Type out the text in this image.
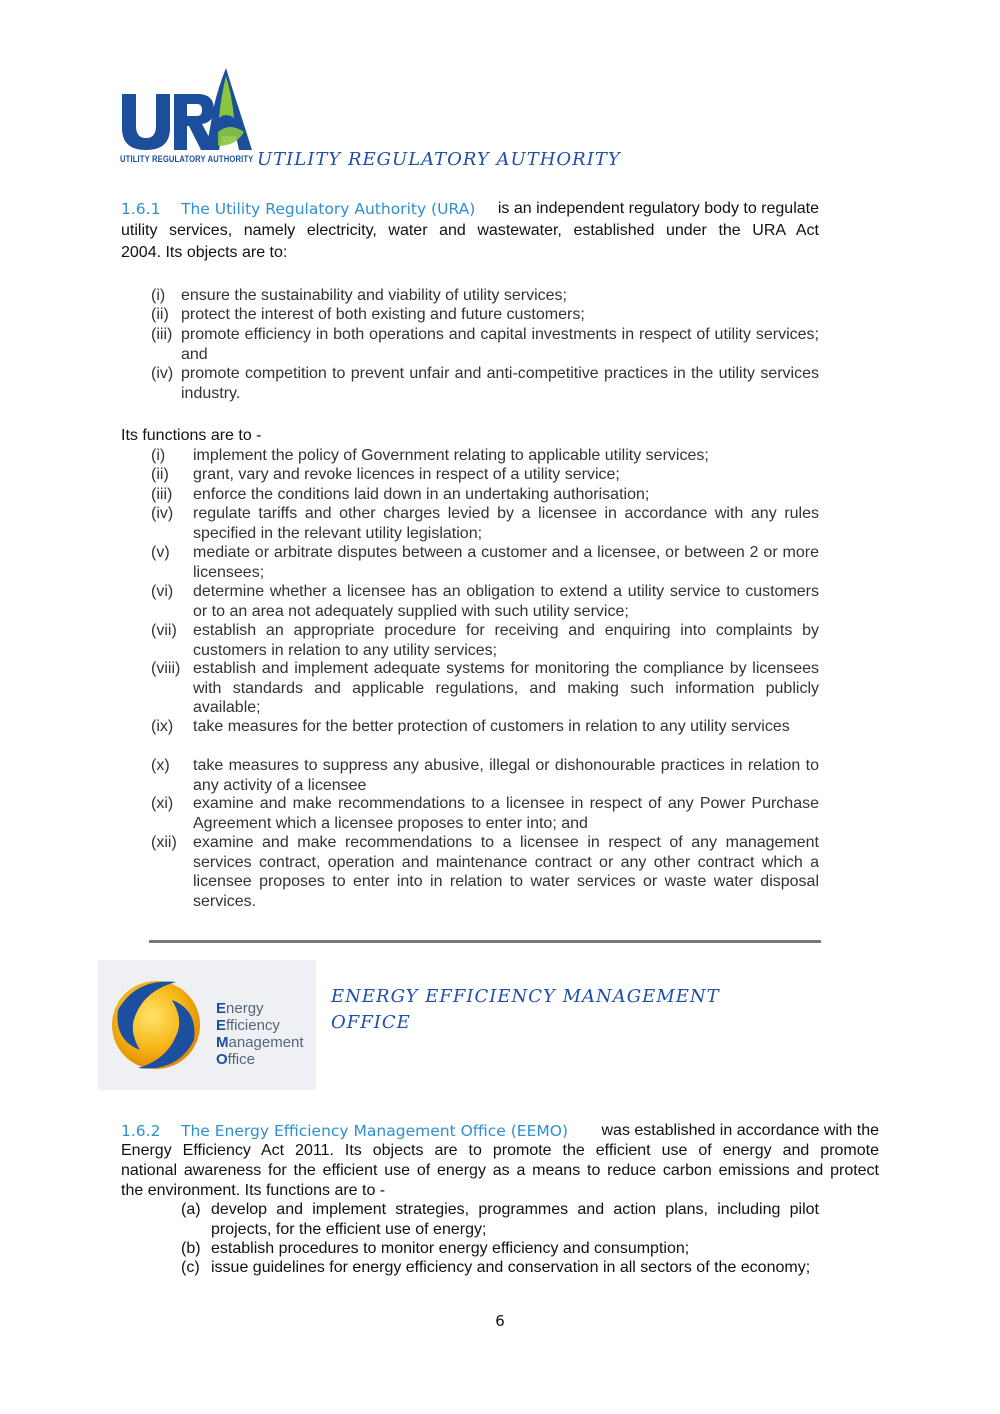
UTILITY REGULATORY AUTHORITY UTILITY REGULATORY AUTHORITY
1.6.1 The Utility Regulatory Authority (URA) is an independent regulatory body to regulate
utility services, namely electricity, water and wastewater, established under the URA Act
2004. Its objects are to:
(i) ensure the sustainability and viability of utility services;
(ii) protect the interest of both existing and future customers;
(iii) promote efficiency in both operations and capital investments in respect of utility services; and
(iv) promote competition to prevent unfair and anti-competitive practices in the utility services industry.
Its functions are to -
(i) implement the policy of Government relating to applicable utility services;
(ii) grant, vary and revoke licences in respect of a utility service;
(iii) enforce the conditions laid down in an undertaking authorisation;
(iv) regulate tariffs and other charges levied by a licensee in accordance with any rules specified in the relevant utility legislation;
(v) mediate or arbitrate disputes between a customer and a licensee, or between 2 or more licensees;
(vi) determine whether a licensee has an obligation to extend a utility service to customers or to an area not adequately supplied with such utility service;
(vii) establish an appropriate procedure for receiving and enquiring into complaints by customers in relation to any utility services;
(viii) establish and implement adequate systems for monitoring the compliance by licensees with standards and applicable regulations, and making such information publicly available;
(ix) take measures for the better protection of customers in relation to any utility services
(x) take measures to suppress any abusive, illegal or dishonourable practices in relation to any activity of a licensee
(xi) examine and make recommendations to a licensee in respect of any Power Purchase Agreement which a licensee proposes to enter into; and
(xii) examine and make recommendations to a licensee in respect of any management services contract, operation and maintenance contract or any other contract which a licensee proposes to enter into in relation to water services or waste water disposal services.
Energy
Efficiency
Management
Office
ENERGY EFFICIENCY MANAGEMENT
OFFICE
1.6.2 The Energy Efficiency Management Office (EEMO) was established in accordance with the
Energy Efficiency Act 2011. Its objects are to promote the efficient use of energy and promote
national awareness for the efficient use of energy as a means to reduce carbon emissions and protect
the environment. Its functions are to -
(a) develop and implement strategies, programmes and action plans, including pilot projects, for the efficient use of energy;
(b) establish procedures to monitor energy efficiency and consumption;
(c) issue guidelines for energy efficiency and conservation in all sectors of the economy;
6
